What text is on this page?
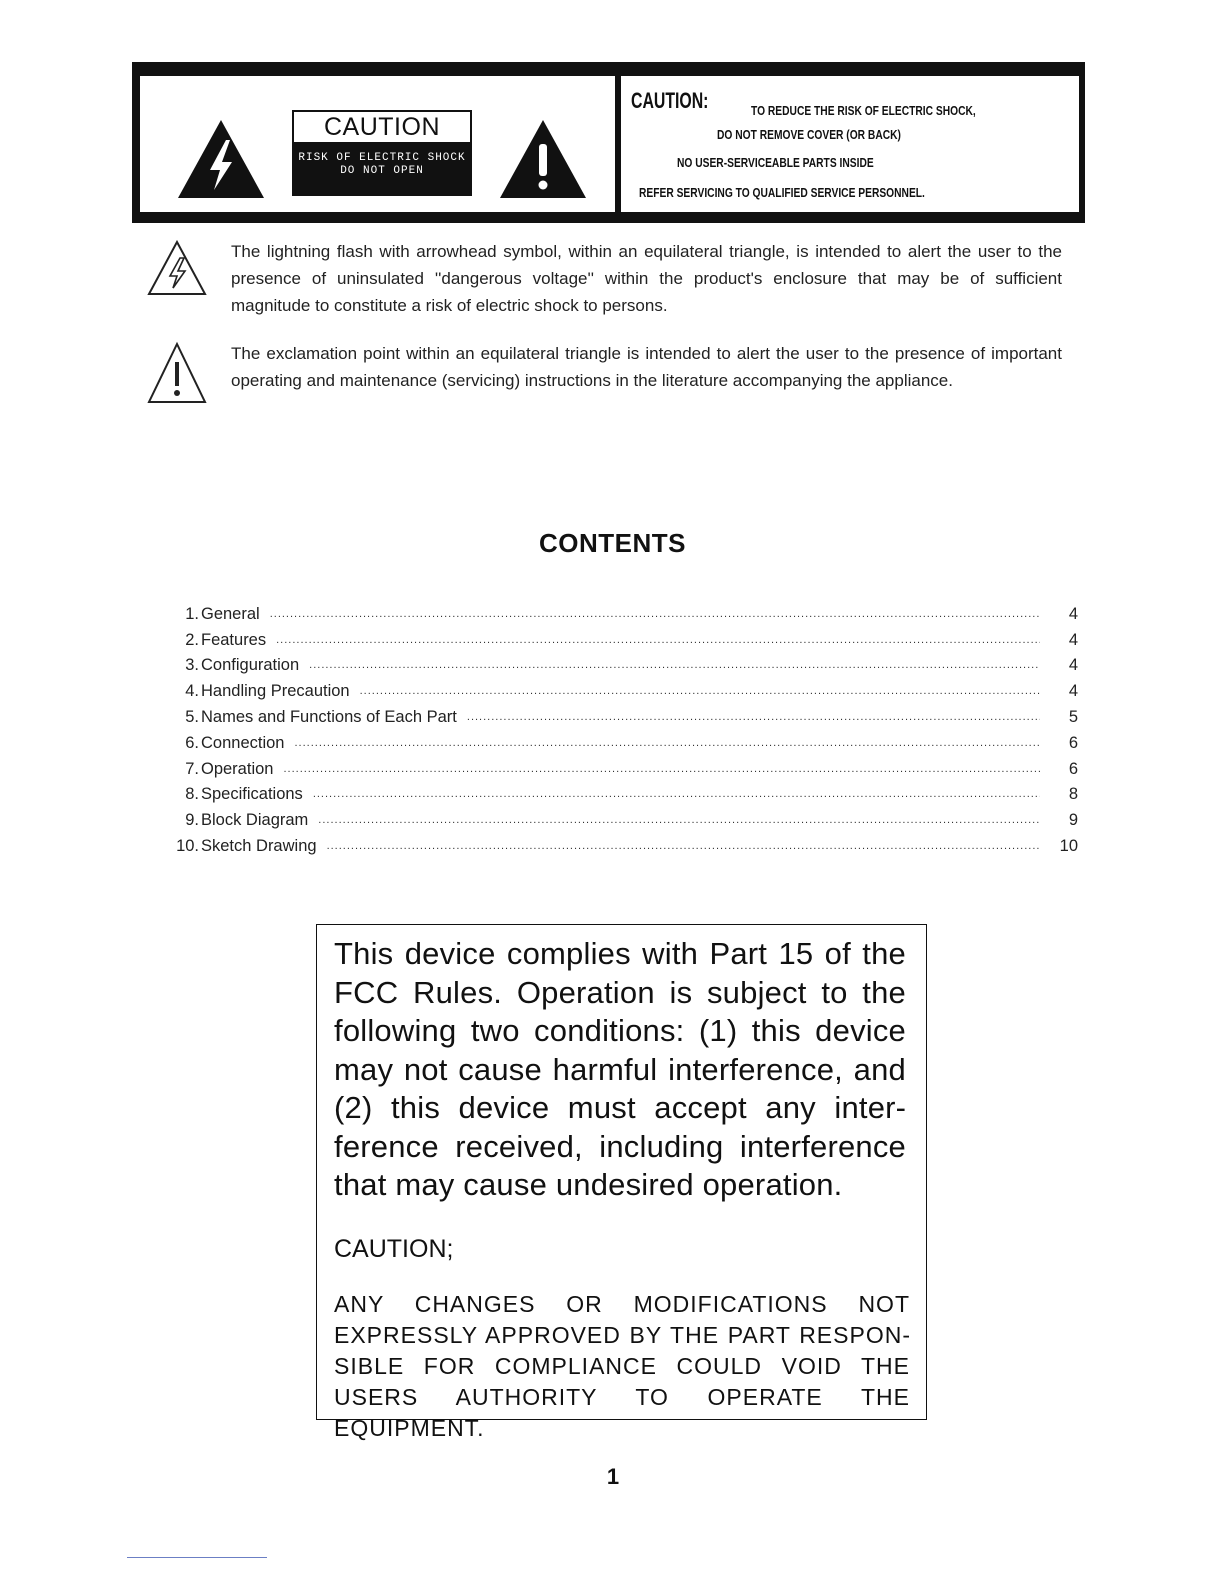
CAUTION
RISK OF ELECTRIC SHOCK
DO NOT OPEN
CAUTION:	TO REDUCE THE RISK OF ELECTRIC SHOCK,
DO NOT REMOVE COVER (OR BACK)
NO USER-SERVICEABLE PARTS INSIDE
REFER SERVICING TO QUALIFIED SERVICE PERSONNEL.
The lightning flash with arrowhead symbol, within an equilateral triangle, is intended to alert the user to the presence of uninsulated ''dangerous voltage'' within the product's enclosure that may be of sufficient magnitude to constitute a risk of electric shock to persons.
The exclamation point within an equilateral triangle is intended to alert the user to the presence of important operating and maintenance (servicing) instructions in the literature accompanying the appliance.
CONTENTS
1. General .....	4
2. Features .....	4
3. Configuration .....	4
4. Handling Precaution .....	4
5. Names and Functions of Each Part .....	5
6. Connection .....	6
7. Operation .....	6
8. Specifications .....	8
9. Block Diagram .....	9
10. Sketch Drawing .....	10
This device complies with Part 15 of the FCC Rules. Operation is subject to the following two conditions: (1) this device may not cause harmful interference, and (2) this device must accept any interference received, including interference that may cause undesired operation.
CAUTION;
ANY CHANGES OR MODIFICATIONS NOT EXPRESSLY APPROVED BY THE PART RESPONSIBLE FOR COMPLIANCE COULD VOID THE USERS AUTHORITY TO OPERATE THE EQUIPMENT.
1
